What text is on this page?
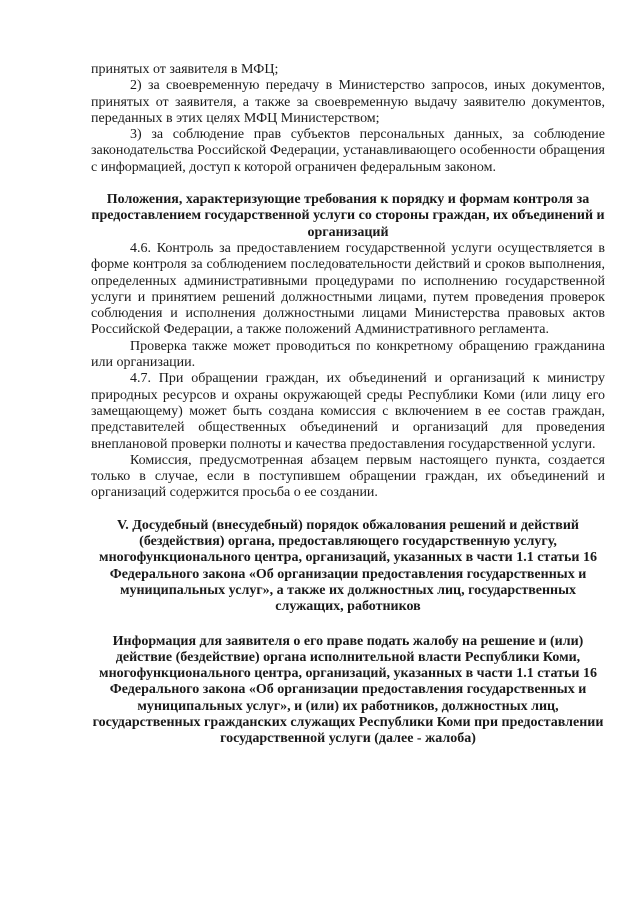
принятых от заявителя в МФЦ;

2) за своевременную передачу в Министерство запросов, иных документов, принятых от заявителя, а также за своевременную выдачу заявителю документов, переданных в этих целях МФЦ Министерством;

3) за соблюдение прав субъектов персональных данных, за соблюдение законодательства Российской Федерации, устанавливающего особенности обращения с информацией, доступ к которой ограничен федеральным законом.

Положения, характеризующие требования к порядку и формам контроля за предоставлением государственной услуги со стороны граждан, их объединений и организаций

4.6. Контроль за предоставлением государственной услуги осуществляется в форме контроля за соблюдением последовательности действий и сроков выполнения, определенных административными процедурами по исполнению государственной услуги и принятием решений должностными лицами, путем проведения проверок соблюдения и исполнения должностными лицами Министерства правовых актов Российской Федерации, а также положений Административного регламента.

Проверка также может проводиться по конкретному обращению гражданина или организации.

4.7. При обращении граждан, их объединений и организаций к министру природных ресурсов и охраны окружающей среды Республики Коми (или лицу его замещающему) может быть создана комиссия с включением в ее состав граждан, представителей общественных объединений и организаций для проведения внеплановой проверки полноты и качества предоставления государственной услуги.

Комиссия, предусмотренная абзацем первым настоящего пункта, создается только в случае, если в поступившем обращении граждан, их объединений и организаций содержится просьба о ее создании.

V. Досудебный (внесудебный) порядок обжалования решений и действий (бездействия) органа, предоставляющего государственную услугу, многофункционального центра, организаций, указанных в части 1.1 статьи 16 Федерального закона «Об организации предоставления государственных и муниципальных услуг», а также их должностных лиц, государственных служащих, работников

Информация для заявителя о его праве подать жалобу на решение и (или) действие (бездействие) органа исполнительной власти Республики Коми, многофункционального центра, организаций, указанных в части 1.1 статьи 16 Федерального закона «Об организации предоставления государственных и муниципальных услуг», и (или) их работников, должностных лиц, государственных гражданских служащих Республики Коми при предоставлении государственной услуги (далее - жалоба)
